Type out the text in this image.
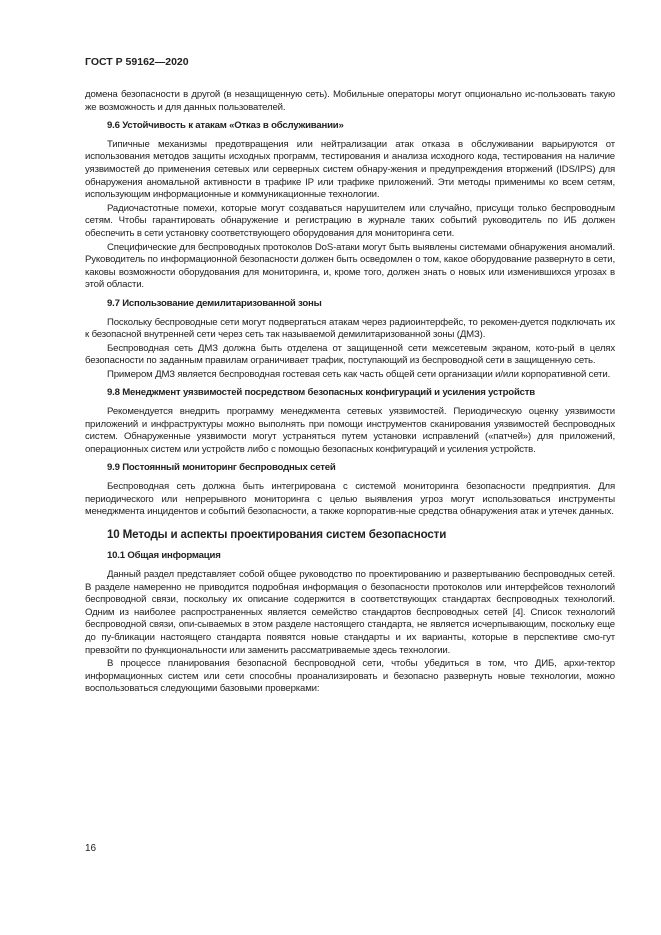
ГОСТ Р 59162—2020

домена безопасности в другой (в незащищенную сеть). Мобильные операторы могут опционально ис-пользовать такую же возможность и для данных пользователей.

9.6 Устойчивость к атакам «Отказ в обслуживании»

Типичные механизмы предотвращения или нейтрализации атак отказа в обслуживании варьируются от использования методов защиты исходных программ, тестирования и анализа исходного кода, тестирования на наличие уязвимостей до применения сетевых или серверных систем обнару-жения и предупреждения вторжений (IDS/IPS) для обнаружения аномальной активности в трафике IP или трафике приложений. Эти методы применимы ко всем сетям, использующим информационные и коммуникационные технологии.

Радиочастотные помехи, которые могут создаваться нарушителем или случайно, присущи только беспроводным сетям. Чтобы гарантировать обнаружение и регистрацию в журнале таких событий руководитель по ИБ должен обеспечить в сети установку соответствующего оборудования для мониторинга сети.

Специфические для беспроводных протоколов DoS-атаки могут быть выявлены системами обнаружения аномалий. Руководитель по информационной безопасности должен быть осведомлен о том, какое оборудование развернуто в сети, каковы возможности оборудования для мониторинга, и, кроме того, должен знать о новых или изменившихся угрозах в этой области.

9.7 Использование демилитаризованной зоны

Поскольку беспроводные сети могут подвергаться атакам через радиоинтерфейс, то рекомен-дуется подключать их к безопасной внутренней сети через сеть так называемой демилитаризованной зоны (ДМЗ).

Беспроводная сеть ДМЗ должна быть отделена от защищенной сети межсетевым экраном, кото-рый в целях безопасности по заданным правилам ограничивает трафик, поступающий из беспроводной сети в защищенную сеть.

Примером ДМЗ является беспроводная гостевая сеть как часть общей сети организации и/или корпоративной сети.

9.8 Менеджмент уязвимостей посредством безопасных конфигураций и усиления устройств

Рекомендуется внедрить программу менеджмента сетевых уязвимостей. Периодическую оценку уязвимости приложений и инфраструктуры можно выполнять при помощи инструментов сканирования уязвимостей беспроводных систем. Обнаруженные уязвимости могут устраняться путем установки исправлений («патчей») для приложений, операционных систем или устройств либо с помощью безопасных конфигураций и усиления устройств.

9.9 Постоянный мониторинг беспроводных сетей

Беспроводная сеть должна быть интегрирована с системой мониторинга безопасности предприятия. Для периодического или непрерывного мониторинга с целью выявления угроз могут использоваться инструменты менеджмента инцидентов и событий безопасности, а также корпоратив-ные средства обнаружения атак и утечек данных.

10 Методы и аспекты проектирования систем безопасности
10.1 Общая информация

Данный раздел представляет собой общее руководство по проектированию и развертыванию беспроводных сетей. В разделе намеренно не приводится подробная информация о безопасности протоколов или интерфейсов технологий беспроводной связи, поскольку их описание содержится в соответствующих стандартах беспроводных технологий. Одним из наиболее распространенных является семейство стандартов беспроводных сетей [4]. Список технологий беспроводной связи, опи-сываемых в этом разделе настоящего стандарта, не является исчерпывающим, поскольку еще до пу-бликации настоящего стандарта появятся новые стандарты и их варианты, которые в перспективе смо-гут превзойти по функциональности или заменить рассматриваемые здесь технологии.

В процессе планирования безопасной беспроводной сети, чтобы убедиться в том, что ДИБ, архи-тектор информационных систем или сети способны проанализировать и безопасно развернуть новые технологии, можно воспользоваться следующими базовыми проверками:

16
